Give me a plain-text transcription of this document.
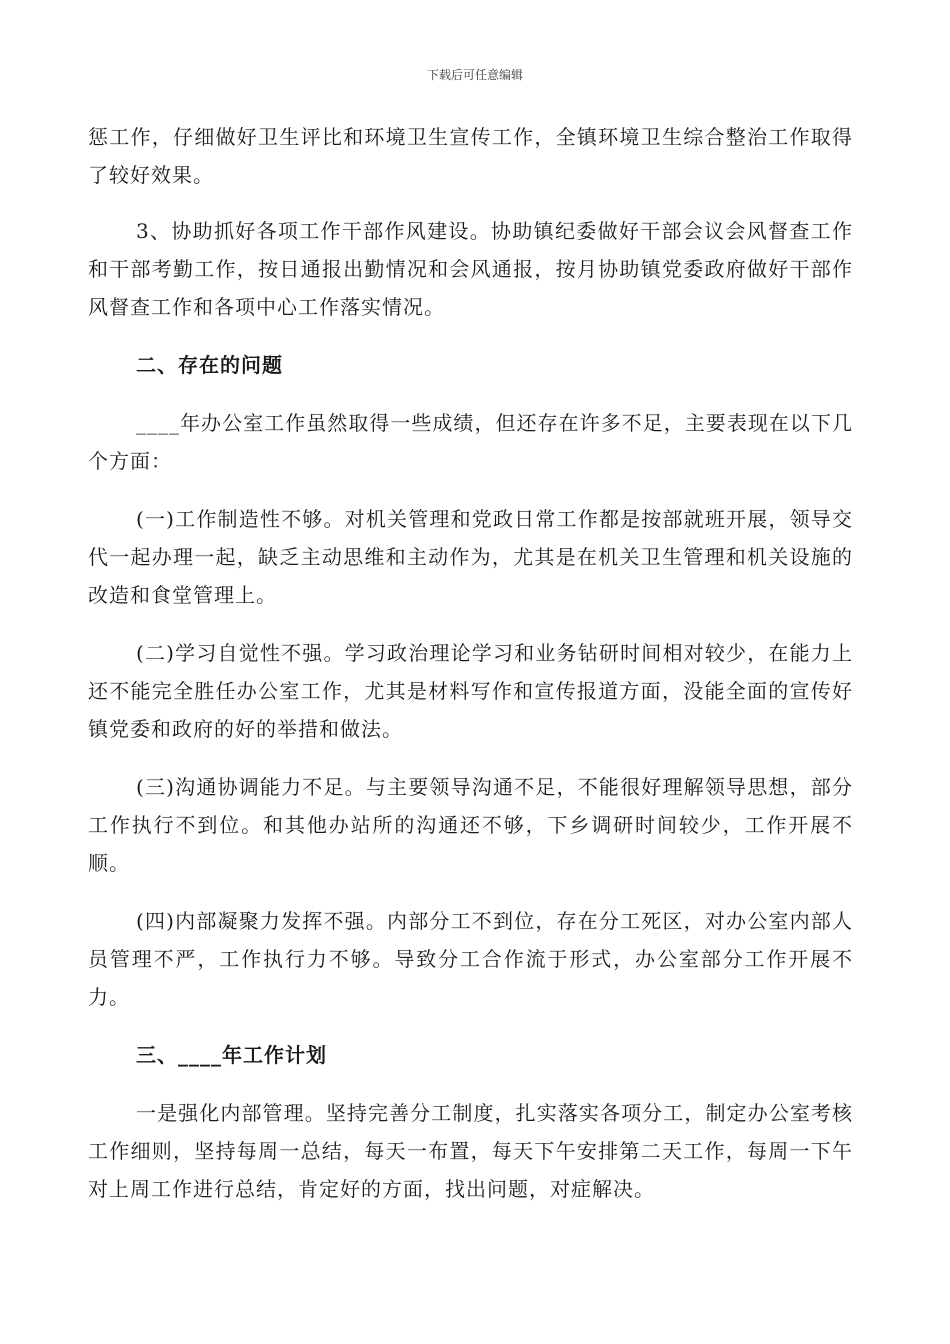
下载后可任意编辑

惩工作，仔细做好卫生评比和环境卫生宣传工作，全镇环境卫生综合整治工作取得了较好效果。

3、协助抓好各项工作干部作风建设。协助镇纪委做好干部会议会风督查工作和干部考勤工作，按日通报出勤情况和会风通报，按月协助镇党委政府做好干部作风督查工作和各项中心工作落实情况。

二、存在的问题

____年办公室工作虽然取得一些成绩，但还存在许多不足，主要表现在以下几个方面：

(一)工作制造性不够。对机关管理和党政日常工作都是按部就班开展，领导交代一起办理一起，缺乏主动思维和主动作为，尤其是在机关卫生管理和机关设施的改造和食堂管理上。

(二)学习自觉性不强。学习政治理论学习和业务钻研时间相对较少，在能力上还不能完全胜任办公室工作，尤其是材料写作和宣传报道方面，没能全面的宣传好镇党委和政府的好的举措和做法。

(三)沟通协调能力不足。与主要领导沟通不足，不能很好理解领导思想，部分工作执行不到位。和其他办站所的沟通还不够，下乡调研时间较少，工作开展不顺。

(四)内部凝聚力发挥不强。内部分工不到位，存在分工死区，对办公室内部人员管理不严，工作执行力不够。导致分工合作流于形式，办公室部分工作开展不力。

三、____年工作计划

一是强化内部管理。坚持完善分工制度，扎实落实各项分工，制定办公室考核工作细则，坚持每周一总结，每天一布置，每天下午安排第二天工作，每周一下午对上周工作进行总结，肯定好的方面，找出问题，对症解决。
